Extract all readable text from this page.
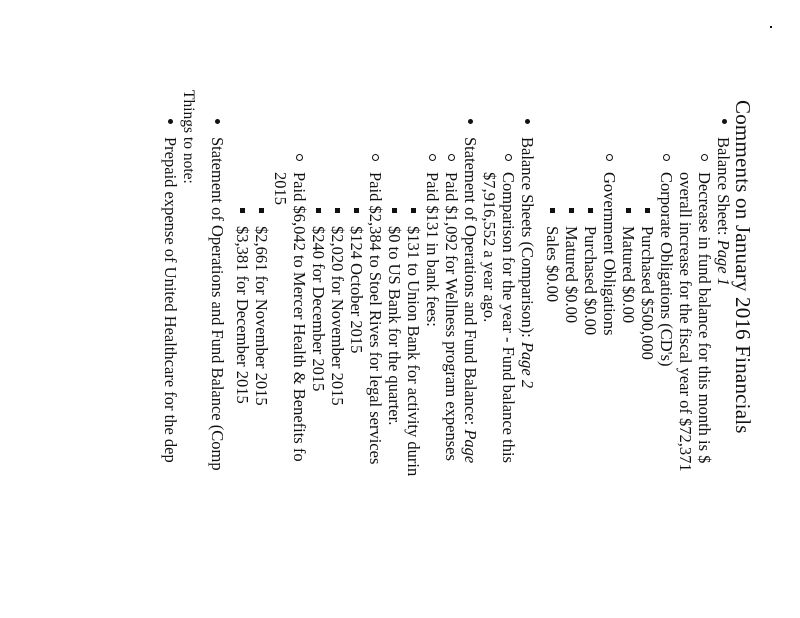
Comments on January 2016 Financials
Balance Sheet: Page 1
Decrease in fund balance for this month is $
overall increase for the fiscal year of $72,371
Corporate Obligations (CD's)
Purchased $500,000
Matured $0.00
Government Obligations
Purchased $0.00
Matured $0.00
Sales $0.00
Balance Sheets (Comparison): Page 2
Comparison for the year - Fund balance this
$7,916,552 a year ago.
Statement of Operations and Fund Balance: Page
Paid $1,092 for Wellness program expenses
Paid $131 in bank fees:
$131 to Union Bank for activity durin
$0 to US Bank for the quarter.
Paid $2,384 to Stoel Rives for legal services
$124 October 2015
$2,020 for November 2015
$240 for December 2015
Paid $6,042 to Mercer Health & Benefits fo
2015
$2,661 for November 2015
$3,381 for December 2015
Statement of Operations and Fund Balance (Comp
Things to note:
Prepaid expense of United Healthcare for the dep
